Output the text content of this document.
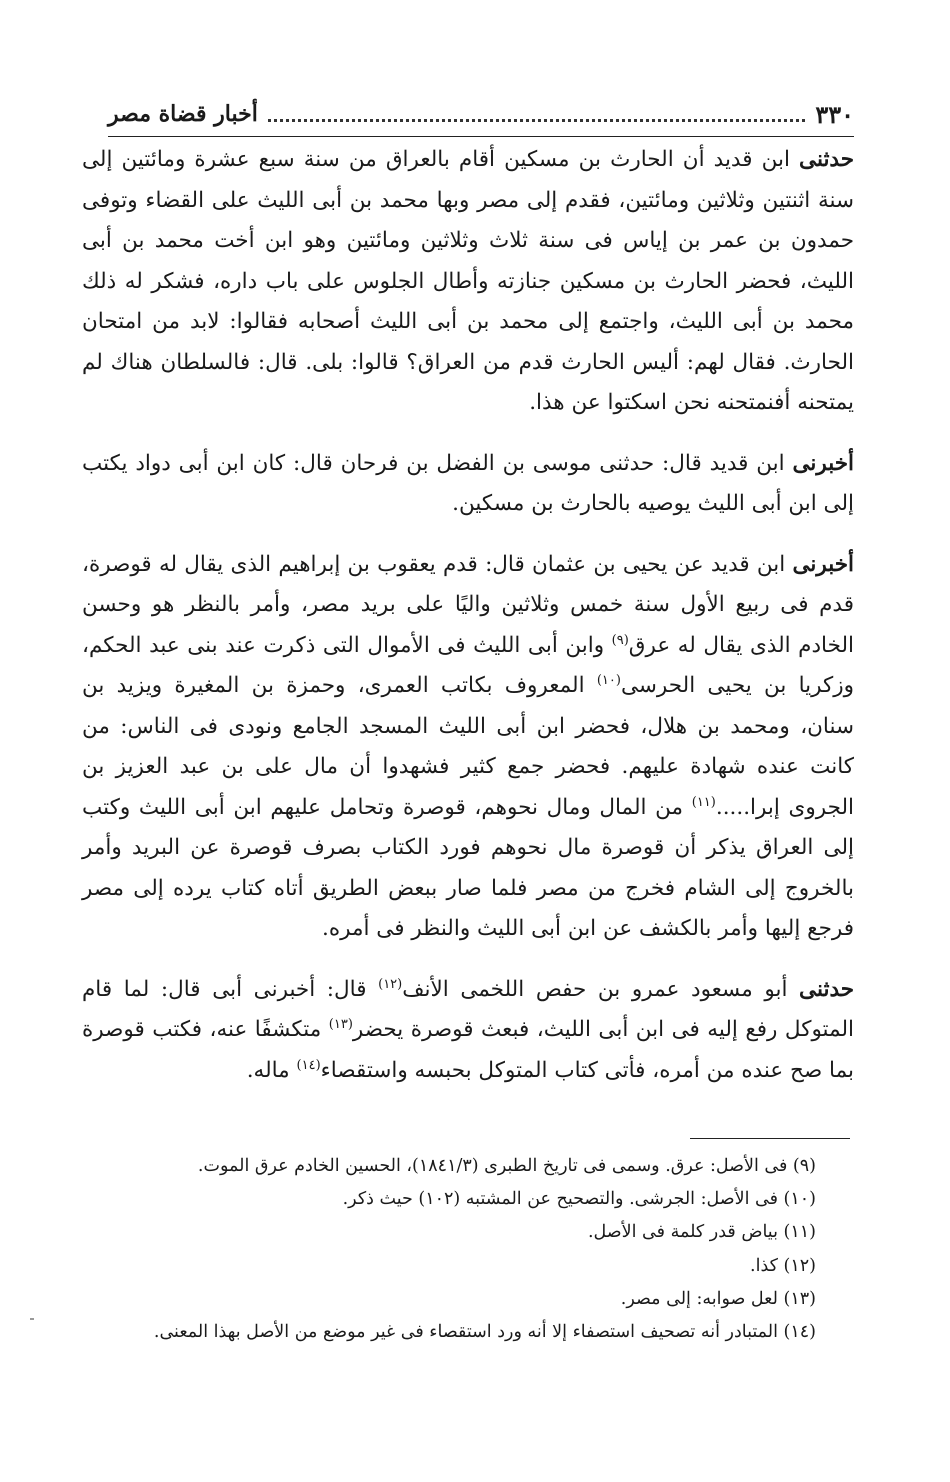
٣٣٠
أخبار قضاة مصر

حدثنى ابن قديد أن الحارث بن مسكين أقام بالعراق من سنة سبع عشرة ومائتين إلى سنة اثنتين وثلاثين ومائتين، فقدم إلى مصر وبها محمد بن أبى الليث على القضاء وتوفى حمدون بن عمر بن إياس فى سنة ثلاث وثلاثين ومائتين وهو ابن أخت محمد بن أبى الليث، فحضر الحارث بن مسكين جنازته وأطال الجلوس على باب داره، فشكر له ذلك محمد بن أبى الليث، واجتمع إلى محمد بن أبى الليث أصحابه فقالوا: لابد من امتحان الحارث. فقال لهم: أليس الحارث قدم من العراق؟ قالوا: بلى. قال: فالسلطان هناك لم يمتحنه أفنمتحنه نحن اسكتوا عن هذا.

أخبرنى ابن قديد قال: حدثنى موسى بن الفضل بن فرحان قال: كان ابن أبى دواد يكتب إلى ابن أبى الليث يوصيه بالحارث بن مسكين.

أخبرنى ابن قديد عن يحيى بن عثمان قال: قدم يعقوب بن إبراهيم الذى يقال له قوصرة، قدم فى ربيع الأول سنة خمس وثلاثين واليًا على بريد مصر، وأمر بالنظر هو وحسن الخادم الذى يقال له عرق$^{(٩)}$ وابن أبى الليث فى الأموال التى ذكرت عند بنى عبد الحكم، وزكريا بن يحيى الحرسى$^{(١٠)}$ المعروف بكاتب العمرى، وحمزة بن المغيرة ويزيد بن سنان، ومحمد بن هلال، فحضر ابن أبى الليث المسجد الجامع ونودى فى الناس: من كانت عنده شهادة عليهم. فحضر جمع كثير فشهدوا أن مال على بن عبد العزيز بن الجروى إبرا.....$^{(١١)}$ من المال ومال نحوهم، قوصرة وتحامل عليهم ابن أبى الليث وكتب إلى العراق يذكر أن قوصرة مال نحوهم فورد الكتاب بصرف قوصرة عن البريد وأمر بالخروج إلى الشام فخرج من مصر فلما صار ببعض الطريق أتاه كتاب يرده إلى مصر فرجع إليها وأمر بالكشف عن ابن أبى الليث والنظر فى أمره.

حدثنى أبو مسعود عمرو بن حفص اللخمى الأنف$^{(١٢)}$ قال: أخبرنى أبى قال: لما قام المتوكل رفع إليه فى ابن أبى الليث، فبعث قوصرة يحضر$^{(١٣)}$ متكشفًا عنه، فكتب قوصرة بما صح عنده من أمره، فأتى كتاب المتوكل بحبسه واستقصاء$^{(١٤)}$ ماله.

(٩) فى الأصل: عرق. وسمى فى تاريخ الطبرى (١٨٤١/٣)، الحسين الخادم عرق الموت.
(١٠) فى الأصل: الجرشى. والتصحيح عن المشتبه (١٠٢) حيث ذكر.
(١١) بياض قدر كلمة فى الأصل.
(١٢) كذا.
(١٣) لعل صوابه: إلى مصر.
(١٤) المتبادر أنه تصحيف استصفاء إلا أنه ورد استقصاء فى غير موضع من الأصل بهذا المعنى.
